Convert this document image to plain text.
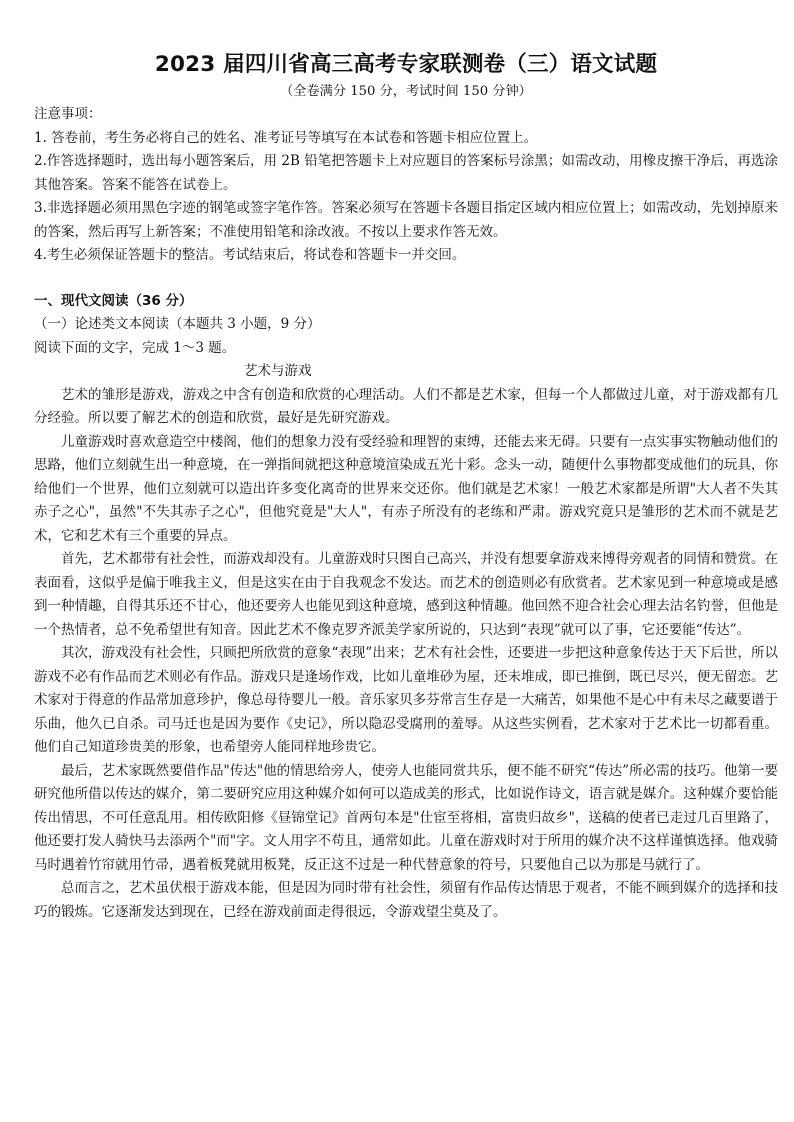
2023 届四川省高三高考专家联测卷（三）语文试题

（全卷满分 150 分，考试时间 150 分钟）

注意事项：

1. 答卷前，考生务必将自己的姓名、准考证号等填写在本试卷和答题卡相应位置上。

2.作答选择题时，选出每小题答案后，用 2B 铅笔把答题卡上对应题目的答案标号涂黑；如需改动，用橡皮擦干净后，再选涂其他答案。答案不能答在试卷上。

3.非选择题必须用黑色字迹的钢笔或签字笔作答。答案必须写在答题卡各题目指定区域内相应位置上；如需改动，先划掉原来的答案，然后再写上新答案；不准使用铅笔和涂改液。不按以上要求作答无效。

4.考生必须保证答题卡的整洁。考试结束后，将试卷和答题卡一并交回。

一、现代文阅读（36 分）

（一）论述类文本阅读（本题共 3 小题，9 分）

阅读下面的文字，完成 1～3 题。

艺术与游戏

艺术的雏形是游戏，游戏之中含有创造和欣赏的心理活动。人们不都是艺术家，但每一个人都做过儿童，对于游戏都有几分经验。所以要了解艺术的创造和欣赏，最好是先研究游戏。

儿童游戏时喜欢意造空中楼阁，他们的想象力没有受经验和理智的束缚，还能去来无碍。只要有一点实事实物触动他们的思路，他们立刻就生出一种意境，在一弹指间就把这种意境渲染成五光十彩。念头一动，随便什么事物都变成他们的玩具，你给他们一个世界，他们立刻就可以造出许多变化离奇的世界来交还你。他们就是艺术家！一般艺术家都是所谓"大人者不失其赤子之心"，虽然"不失其赤子之心"，但他究竟是"大人"，有赤子所没有的老练和严肃。游戏究竟只是雏形的艺术而不就是艺术，它和艺术有三个重要的异点。

首先，艺术都带有社会性，而游戏却没有。儿童游戏时只图自己高兴，并没有想要拿游戏来博得旁观者的同情和赞赏。在表面看，这似乎是偏于唯我主义，但是这实在由于自我观念不发达。而艺术的创造则必有欣赏者。艺术家见到一种意境或是感到一种情趣，自得其乐还不甘心，他还要旁人也能见到这种意境，感到这种情趣。他回然不迎合社会心理去沽名钓誉，但他是一个热情者，总不免希望世有知音。因此艺术不像克罗齐派美学家所说的，只达到“表现”就可以了事，它还要能“传达”。

其次，游戏没有社会性，只顾把所欣赏的意象“表现”出来；艺术有社会性，还要进一步把这种意象传达于天下后世，所以游戏不必有作品而艺术则必有作品。游戏只是逢场作戏，比如儿童堆砂为屋，还未堆成，即已推倒，既已尽兴，便无留恋。艺术家对于得意的作品常加意珍护，像总母待婴儿一般。音乐家贝多芬常言生存是一大痛苦，如果他不是心中有未尽之藏要谱于乐曲，他久已自杀。司马迁也是因为要作《史记》，所以隐忍受腐刑的羞辱。从这些实例看，艺术家对于艺术比一切都看重。他们自己知道珍贵美的形象，也希望旁人能同样地珍贵它。

最后，艺术家既然要借作品"传达"他的情思给旁人，使旁人也能同赏共乐，便不能不研究“传达”所必需的技巧。他第一要研究他所借以传达的媒介，第二要研究应用这种媒介如何可以造成美的形式，比如说作诗文，语言就是媒介。这种媒介要恰能传出情思，不可任意乱用。相传欧阳修《昼锦堂记》首两句本是"仕宦至将相，富贵归故乡"，送稿的使者已走过几百里路了，他还要打发人骑快马去添两个"而"字。文人用字不苟且，通常如此。儿童在游戏时对于所用的媒介决不这样谨慎选择。他戏骑马时遇着竹帘就用竹帚，遇着板凳就用板凳，反正这不过是一种代替意象的符号，只要他自己以为那是马就行了。

总而言之，艺术虽伏根于游戏本能，但是因为同时带有社会性，须留有作品传达情思于观者，不能不顾到媒介的选择和技巧的锻炼。它逐渐发达到现在，已经在游戏前面走得很远，令游戏望尘莫及了。
